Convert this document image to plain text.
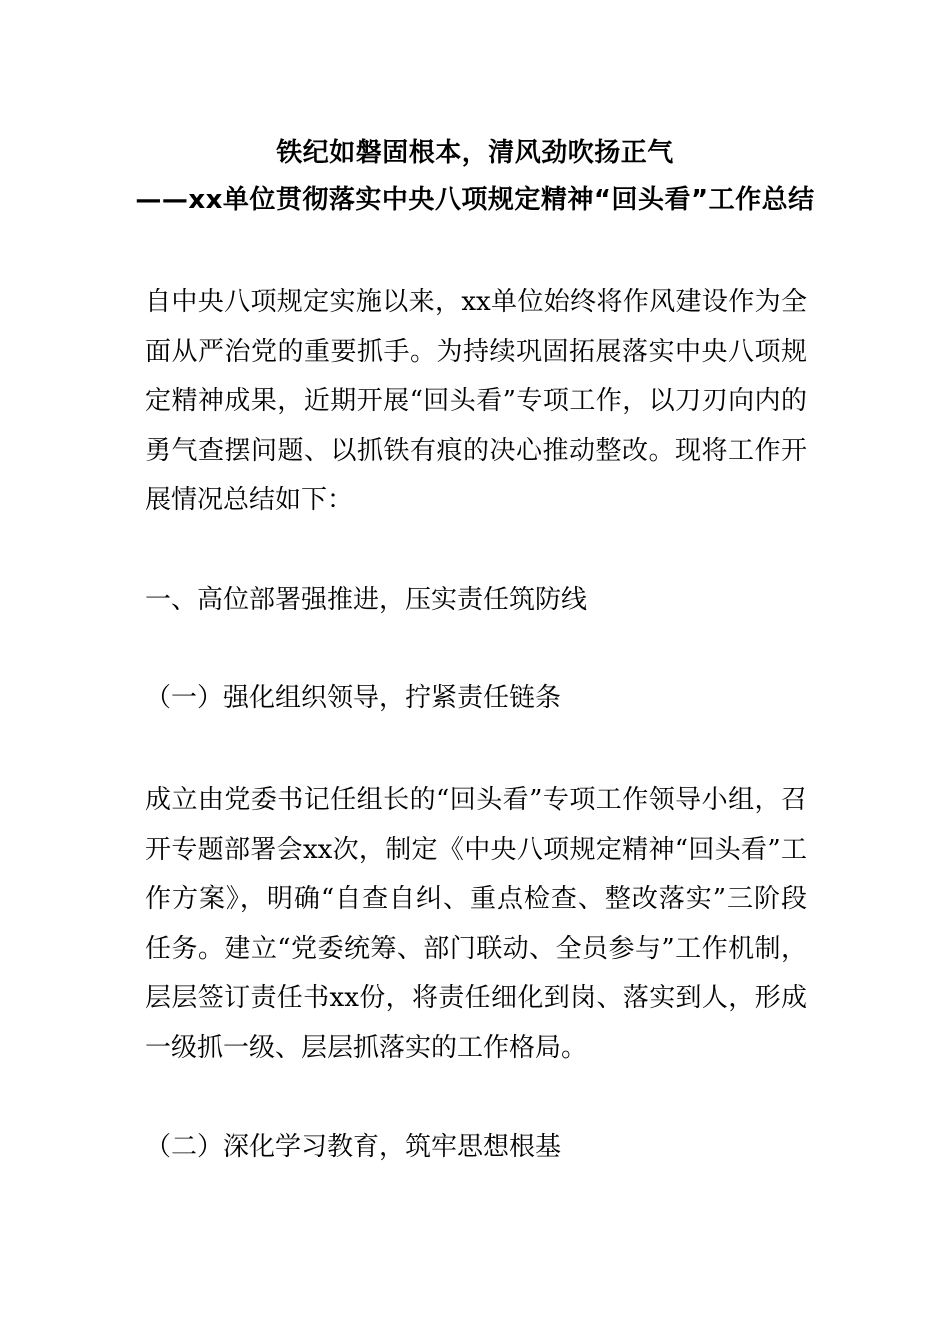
铁纪如磐固根本，清风劲吹扬正气
——xx单位贯彻落实中央八项规定精神“回头看”工作总结

自中央八项规定实施以来，xx单位始终将作风建设作为全面从严治党的重要抓手。为持续巩固拓展落实中央八项规定精神成果，近期开展“回头看”专项工作，以刀刃向内的勇气查摆问题、以抓铁有痕的决心推动整改。现将工作开展情况总结如下：

一、高位部署强推进，压实责任筑防线

（一）强化组织领导，拧紧责任链条

成立由党委书记任组长的“回头看”专项工作领导小组，召开专题部署会xx次，制定《中央八项规定精神“回头看”工作方案》，明确“自查自纠、重点检查、整改落实”三阶段任务。建立“党委统筹、部门联动、全员参与”工作机制，层层签订责任书xx份，将责任细化到岗、落实到人，形成一级抓一级、层层抓落实的工作格局。

（二）深化学习教育，筑牢思想根基
